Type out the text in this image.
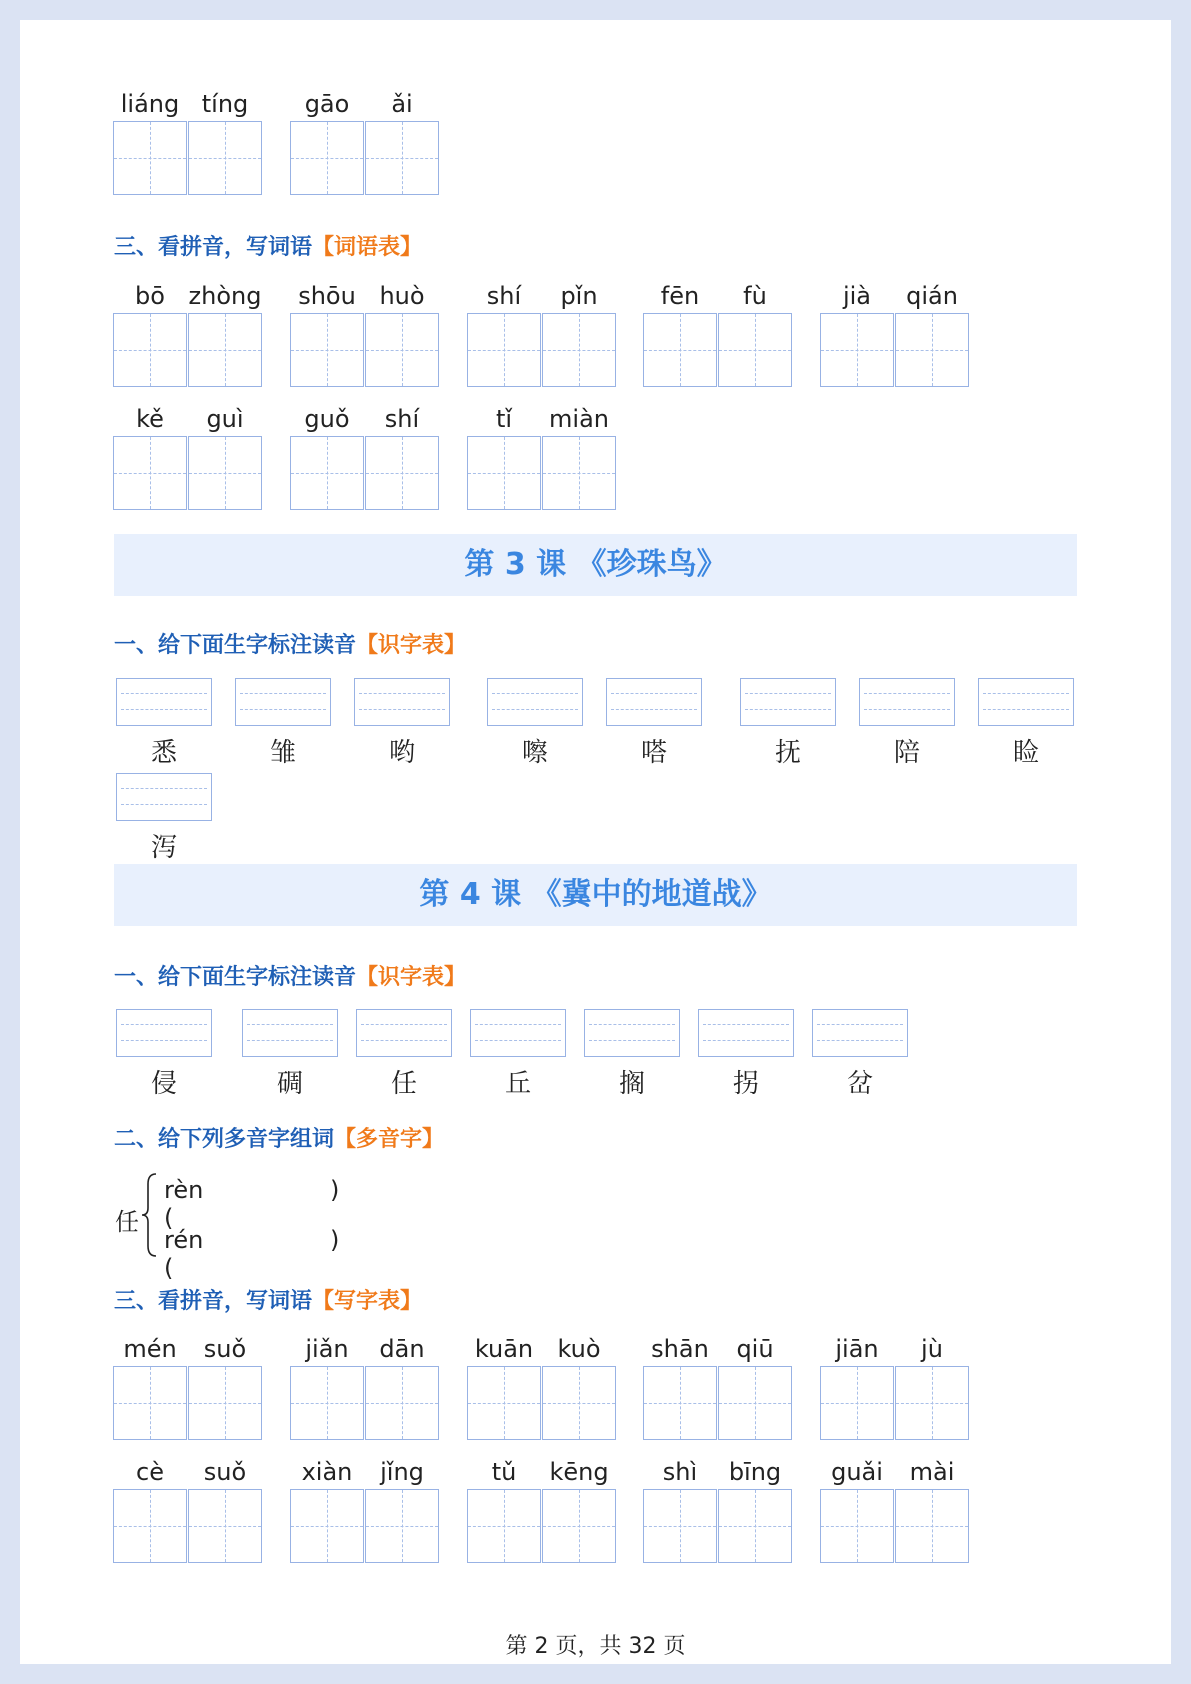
liáng tíng	gāo	ǎi
三、看拼音，写词语【词语表】
bō zhòng	shōu huò	shí	pǐn	fēn	fù	jià	qián
kě	guì	guǒ	shí	tǐ	miàn
第 3 课 《珍珠鸟》
一、给下面生字标注读音【识字表】
悉	雏	哟	嚓	嗒	抚	陪	睑
泻
第 4 课 《冀中的地道战》
一、给下面生字标注读音【识字表】
侵	碉	任	丘	搁	拐	岔
二、给下列多音字组词【多音字】
任
rèn (
)
rén (
)
三、看拼音，写词语【写字表】
mén	suǒ	jiǎn	dān	kuān	kuò	shān	qiū	jiān	jù
cè	suǒ	xiàn	jǐng	tǔ	kēng	shì	bīng	guǎi	mài
第 2 页，共 32 页
